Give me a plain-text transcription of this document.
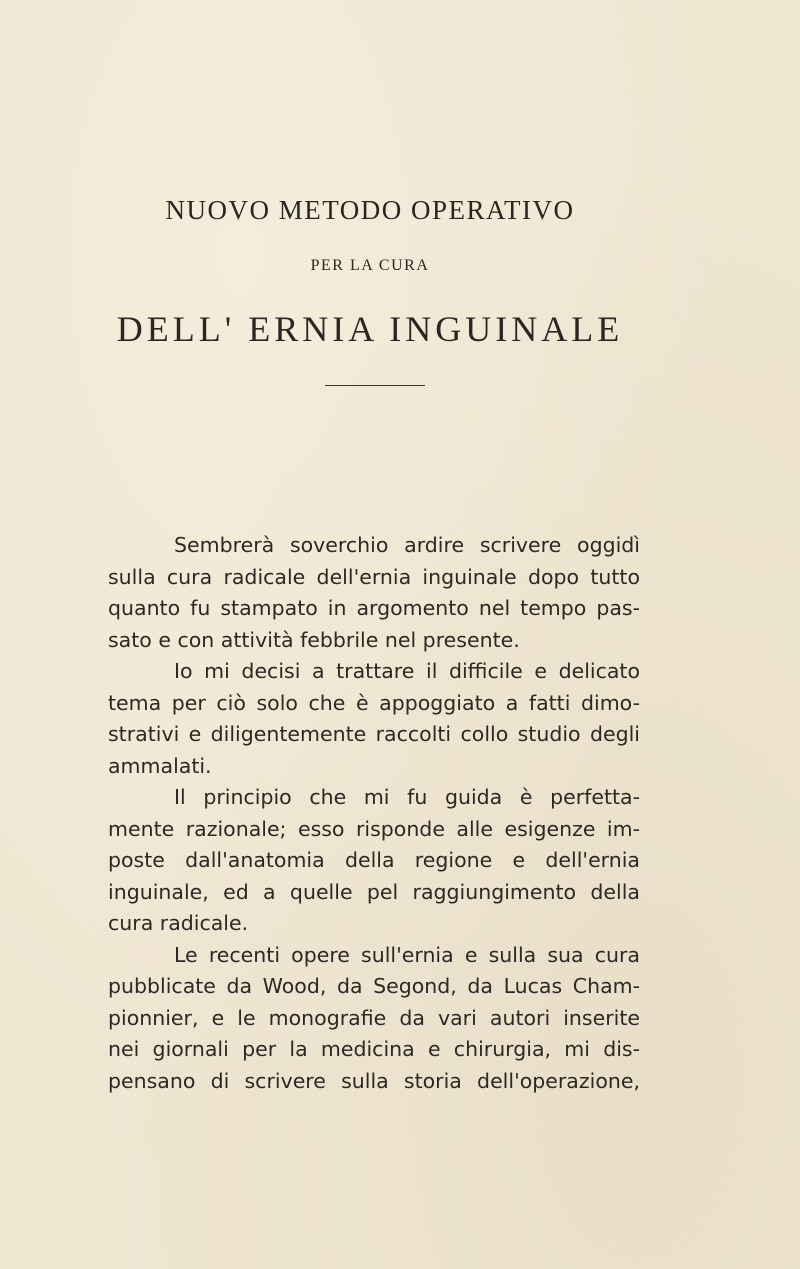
NUOVO METODO OPERATIVO
PER LA CURA
DELL' ERNIA INGUINALE
Sembrerà soverchio ardire scrivere oggidì
sulla cura radicale dell'ernia inguinale dopo tutto
quanto fu stampato in argomento nel tempo pas-
sato e con attività febbrile nel presente.
Io mi decisi a trattare il difficile e delicato
tema per ciò solo che è appoggiato a fatti dimo-
strativi e diligentemente raccolti collo studio degli
ammalati.
Il principio che mi fu guida è perfetta-
mente razionale; esso risponde alle esigenze im-
poste dall'anatomia della regione e dell'ernia
inguinale, ed a quelle pel raggiungimento della
cura radicale.
Le recenti opere sull'ernia e sulla sua cura
pubblicate da Wood, da Segond, da Lucas Cham-
pionnier, e le monografie da vari autori inserite
nei giornali per la medicina e chirurgia, mi dis-
pensano di scrivere sulla storia dell'operazione,
